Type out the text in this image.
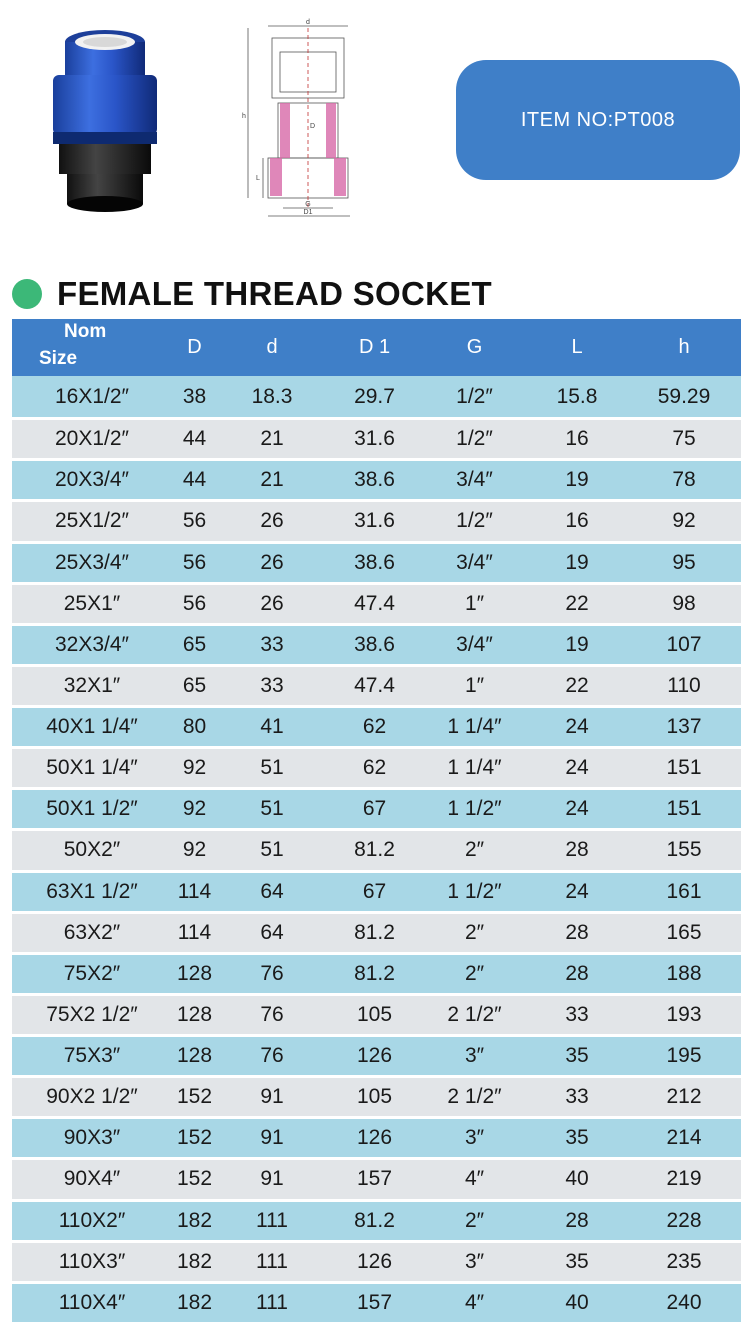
d
h
D
G
D1
L
ITEM NO:PT008
FEMALE THREAD SOCKET
Nom
Size
D	d	D 1	G	L	h
16X1/2″	38	18.3	29.7	1/2″	15.8	59.29
20X1/2″	44	21	31.6	1/2″	16	75
20X3/4″	44	21	38.6	3/4″	19	78
25X1/2″	56	26	31.6	1/2″	16	92
25X3/4″	56	26	38.6	3/4″	19	95
25X1″	56	26	47.4	1″	22	98
32X3/4″	65	33	38.6	3/4″	19	107
32X1″	65	33	47.4	1″	22	110
40X1 1/4″	80	41	62	1 1/4″	24	137
50X1 1/4″	92	51	62	1 1/4″	24	151
50X1 1/2″	92	51	67	1 1/2″	24	151
50X2″	92	51	81.2	2″	28	155
63X1 1/2″	114	64	67	1 1/2″	24	161
63X2″	114	64	81.2	2″	28	165
75X2″	128	76	81.2	2″	28	188
75X2 1/2″	128	76	105	2 1/2″	33	193
75X3″	128	76	126	3″	35	195
90X2 1/2″	152	91	105	2 1/2″	33	212
90X3″	152	91	126	3″	35	214
90X4″	152	91	157	4″	40	219
110X2″	182	111	81.2	2″	28	228
110X3″	182	111	126	3″	35	235
110X4″	182	111	157	4″	40	240
